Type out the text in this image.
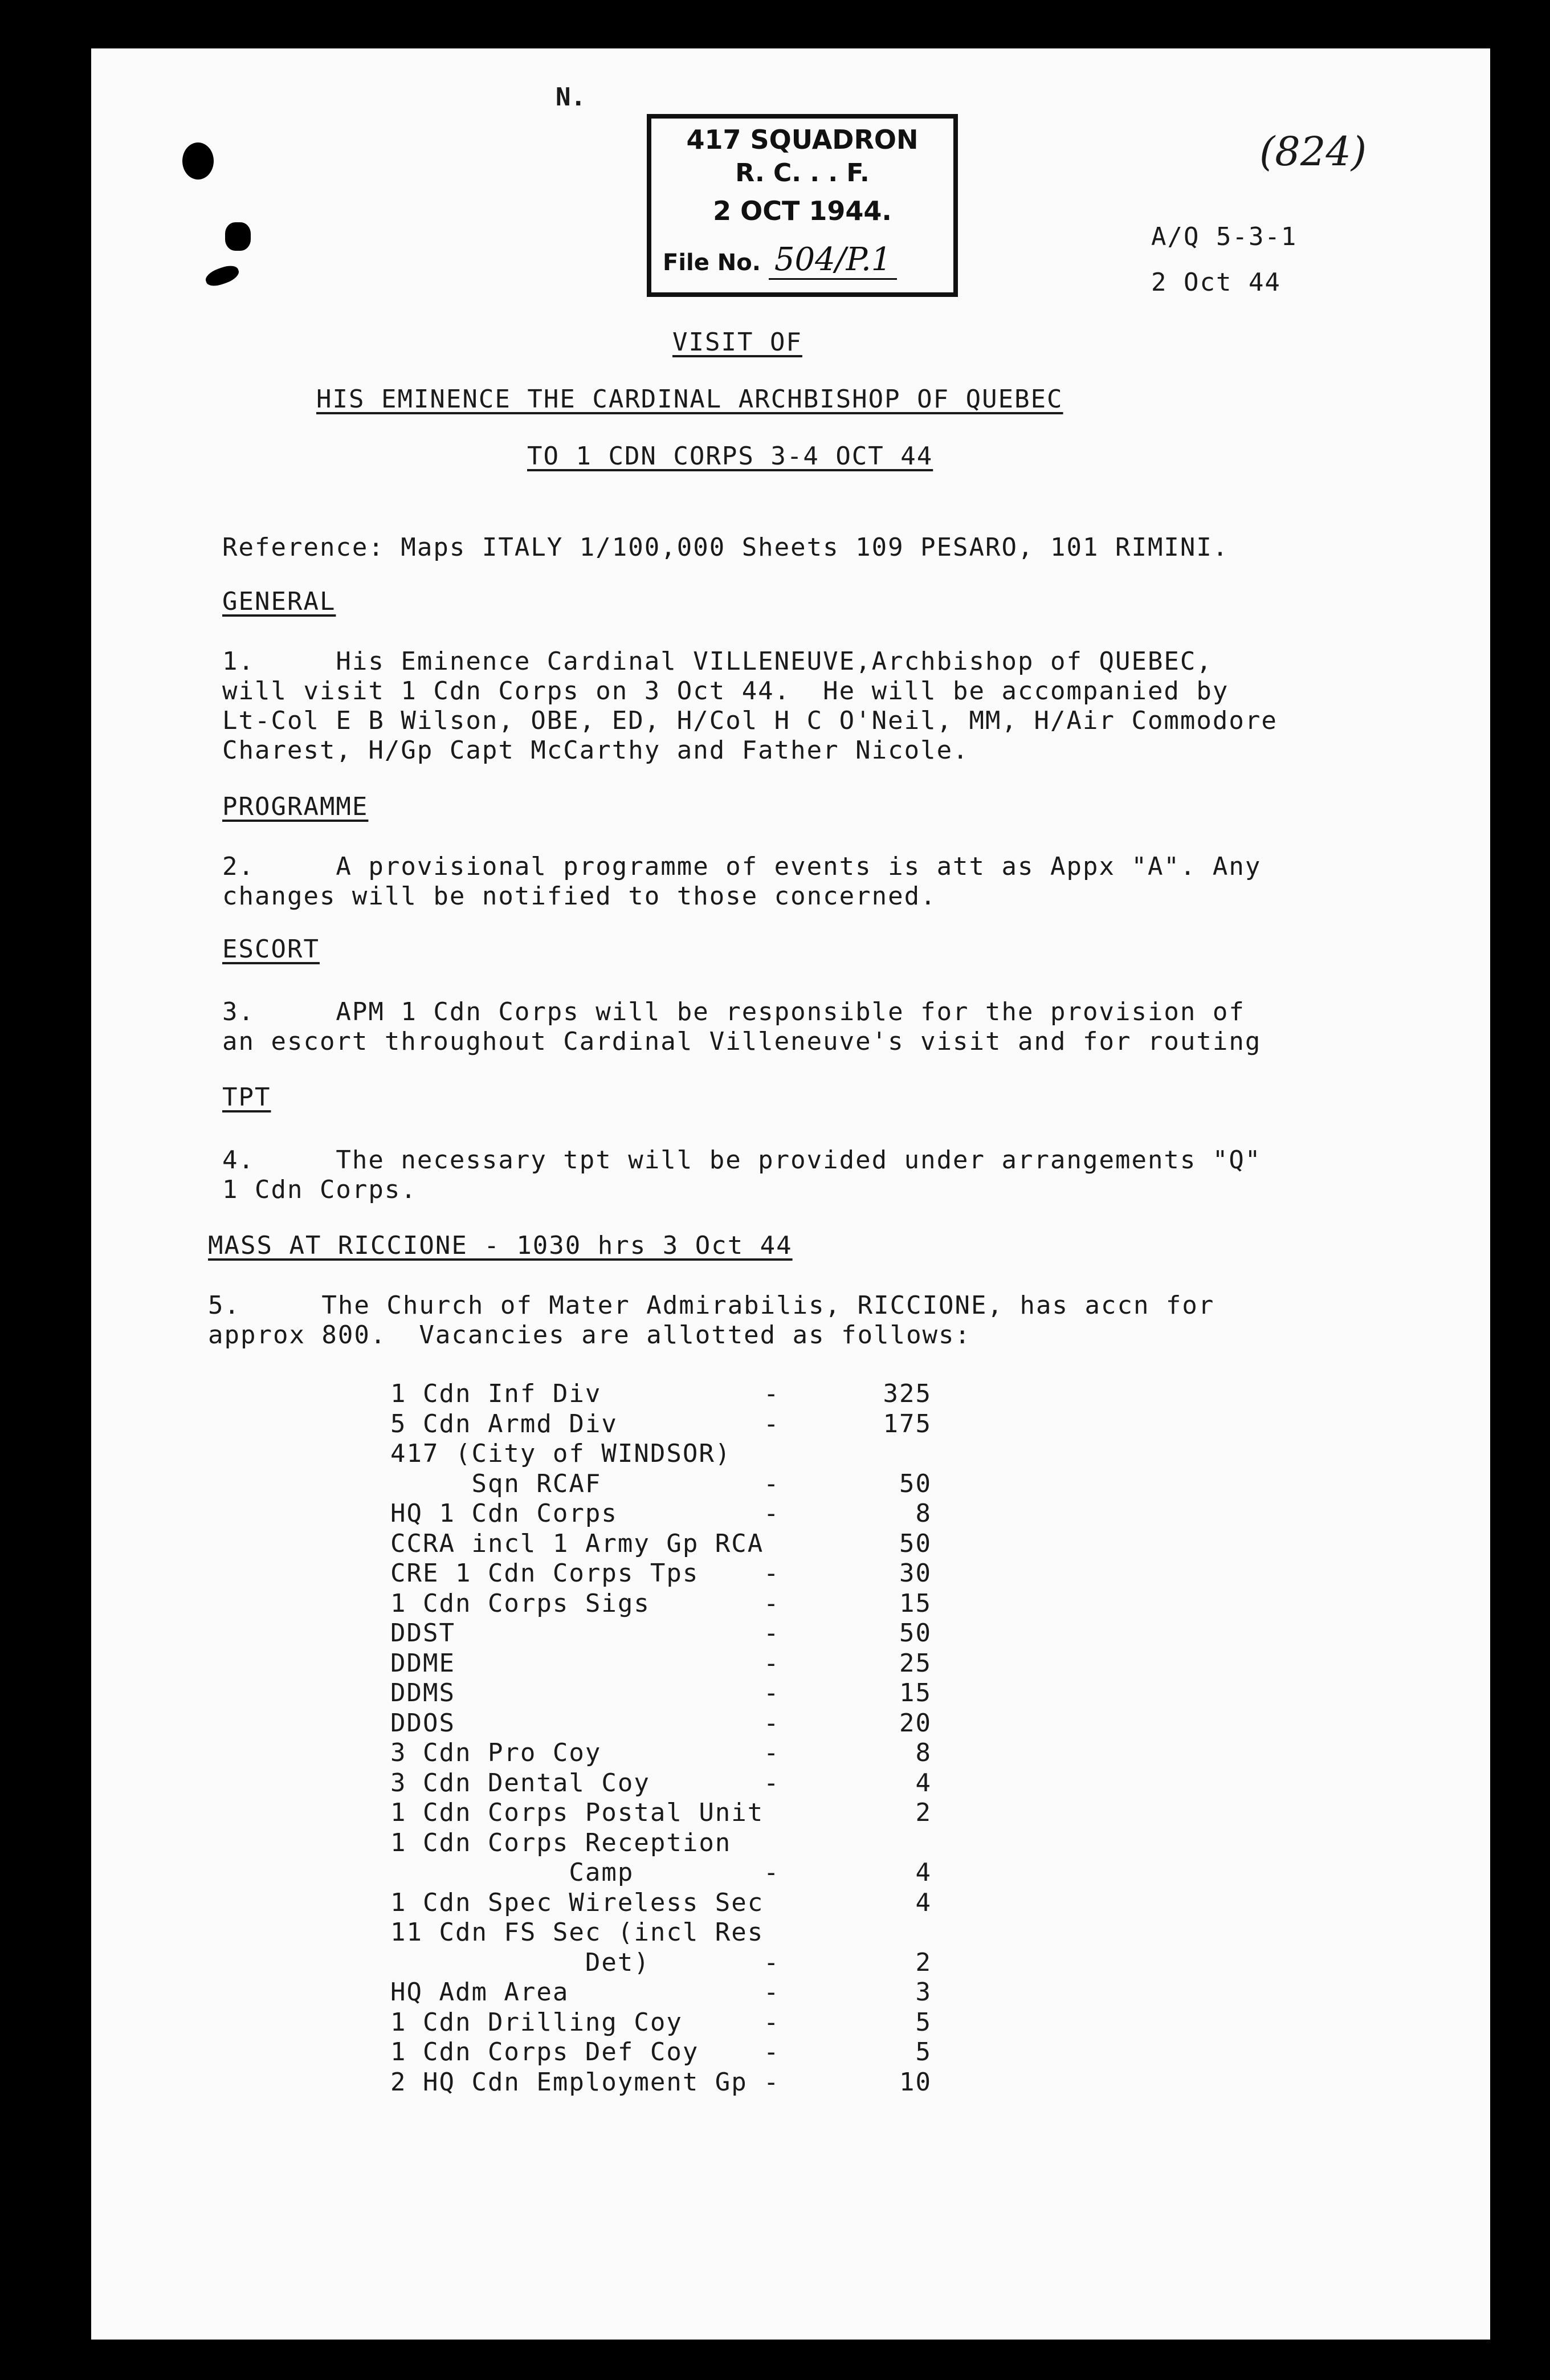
N.
417 SQUADRON
R. C. . . F.
2 OCT 1944.
File No. 504/P.1
(824)
A/Q 5-3-1
2 Oct 44
VISIT OF
HIS EMINENCE THE CARDINAL ARCHBISHOP OF QUEBEC
TO 1 CDN CORPS 3-4 OCT 44
Reference: Maps ITALY 1/100,000 Sheets 109 PESARO, 101 RIMINI.
GENERAL
1.     His Eminence Cardinal VILLENEUVE,Archbishop of QUEBEC,
will visit 1 Cdn Corps on 3 Oct 44.  He will be accompanied by
Lt-Col E B Wilson, OBE, ED, H/Col H C O'Neil, MM, H/Air Commodore
Charest, H/Gp Capt McCarthy and Father Nicole.
PROGRAMME
2.     A provisional programme of events is att as Appx "A". Any
changes will be notified to those concerned.
ESCORT
3.     APM 1 Cdn Corps will be responsible for the provision of
an escort throughout Cardinal Villeneuve's visit and for routing
TPT
4.     The necessary tpt will be provided under arrangements "Q"
1 Cdn Corps.
MASS AT RICCIONE - 1030 hrs 3 Oct 44
5.     The Church of Mater Admirabilis, RICCIONE, has accn for
approx 800.  Vacancies are allotted as follows:
1 Cdn Inf Div	-	325
5 Cdn Armd Div	-	175
417 (City of WINDSOR)
Sqn RCAF	-	50
HQ 1 Cdn Corps	-	8
CCRA incl 1 Army Gp RCA	50
CRE 1 Cdn Corps Tps	-	30
1 Cdn Corps Sigs	-	15
DDST	-	50
DDME	-	25
DDMS	-	15
DDOS	-	20
3 Cdn Pro Coy	-	8
3 Cdn Dental Coy	-	4
1 Cdn Corps Postal Unit	2
1 Cdn Corps Reception
Camp	-	4
1 Cdn Spec Wireless Sec	4
11 Cdn FS Sec (incl Res
Det)	-	2
HQ Adm Area	-	3
1 Cdn Drilling Coy	-	5
1 Cdn Corps Def Coy	-	5
2 HQ Cdn Employment Gp -	10
